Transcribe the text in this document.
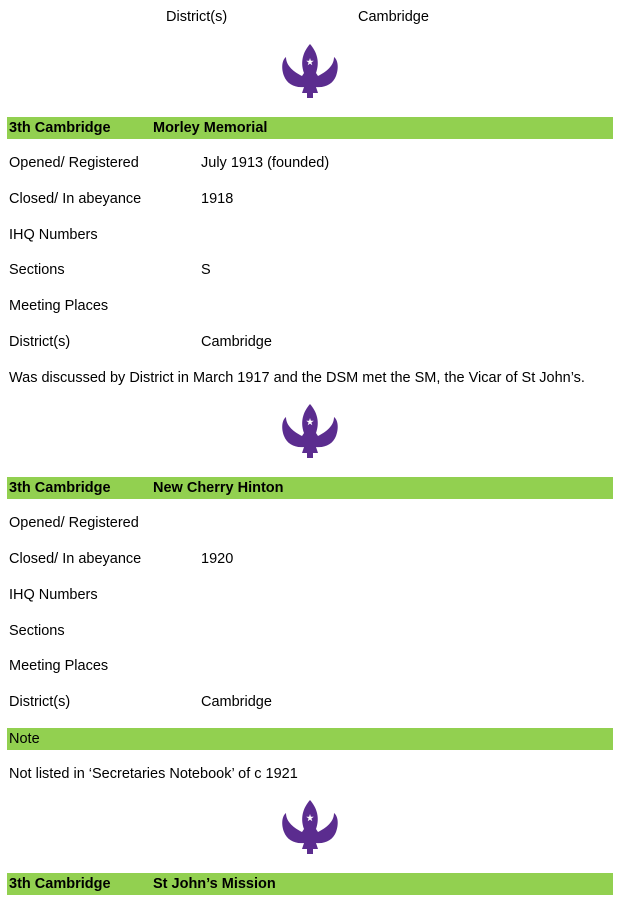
District(s)	Cambridge
3th Cambridge	Morley Memorial
Opened/ Registered	July 1913 (founded)
Closed/ In abeyance	1918
IHQ Numbers
Sections	S
Meeting Places
District(s)	Cambridge
Was discussed by District in March 1917 and the DSM met the SM, the Vicar of St John’s.
3th Cambridge	New Cherry Hinton
Opened/ Registered
Closed/ In abeyance	1920
IHQ Numbers
Sections
Meeting Places
District(s)	Cambridge
Note
Not listed in ‘Secretaries Notebook’ of c 1921
3th Cambridge	St John’s Mission
